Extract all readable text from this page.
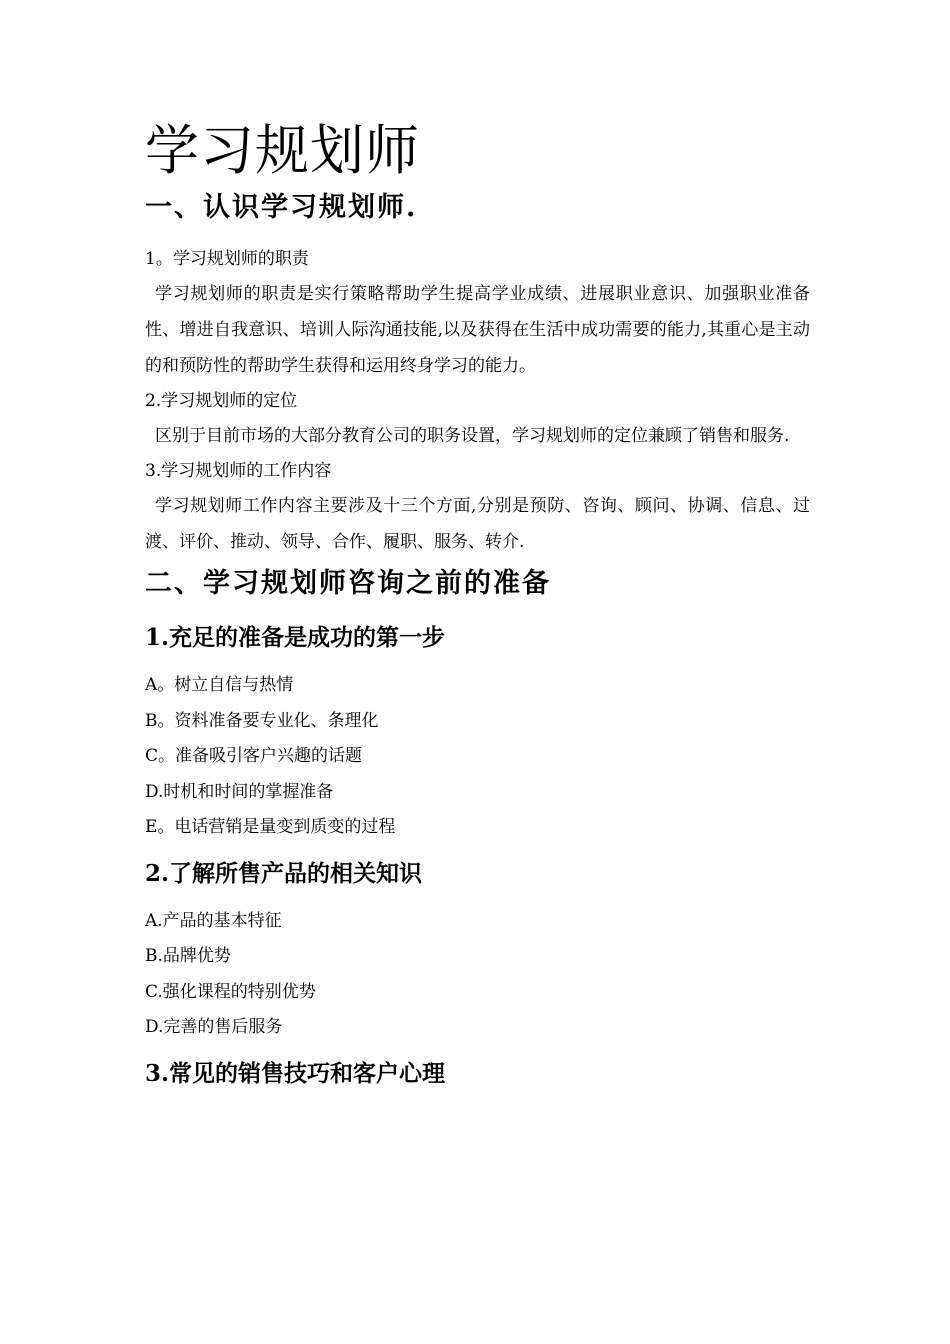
学习规划师
一、认识学习规划师.
1。学习规划师的职责
学习规划师的职责是实行策略帮助学生提高学业成绩、进展职业意识、加强职业准备性、增进自我意识、培训人际沟通技能,以及获得在生活中成功需要的能力,其重心是主动的和预防性的帮助学生获得和运用终身学习的能力。
2.学习规划师的定位
区别于目前市场的大部分教育公司的职务设置，学习规划师的定位兼顾了销售和服务.
3.学习规划师的工作内容
学习规划师工作内容主要涉及十三个方面,分别是预防、咨询、顾问、协调、信息、过渡、评价、推动、领导、合作、履职、服务、转介.
二、学习规划师咨询之前的准备
1.充足的准备是成功的第一步
A。树立自信与热情
B。资料准备要专业化、条理化
C。准备吸引客户兴趣的话题
D.时机和时间的掌握准备
E。电话营销是量变到质变的过程
2.了解所售产品的相关知识
A.产品的基本特征
B.品牌优势
C.强化课程的特别优势
D.完善的售后服务
3.常见的销售技巧和客户心理
